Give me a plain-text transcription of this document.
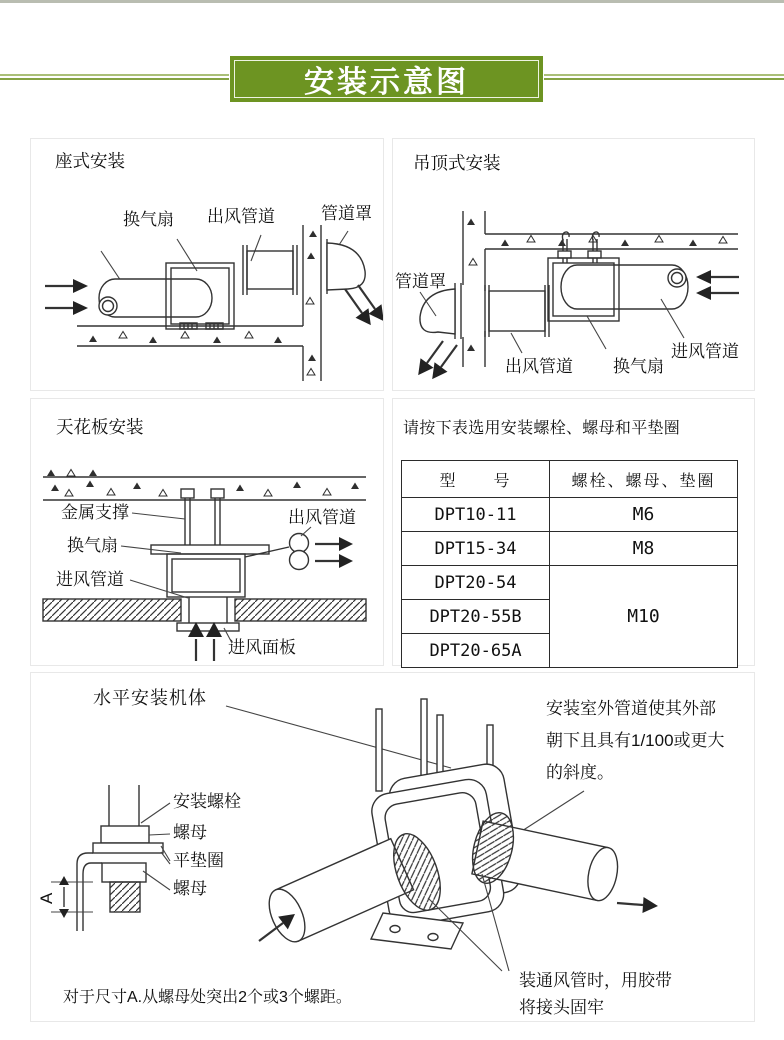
安装示意图
座式安装
换气扇 出风管道	管道罩
吊顶式安装
管道罩
出风管道 换气扇
进风管道
天花板安装
金属支撑
换气扇
进风管道
出风管道
进风面板
请按下表选用安装螺栓、螺母和平垫圈
型　　号	螺栓、螺母、垫圈
DPT10-11	M6
DPT15-34	M8
DPT20-54	M10
DPT20-55B	
DPT20-65A	
水平安装机体
安装室外管道使其外部
朝下且具有1/100或更大
的斜度。
A
安装螺栓
螺母
平垫圈
螺母
对于尺寸A.从螺母处突出2个或3个螺距。
装通风管时，用胶带
将接头固牢
